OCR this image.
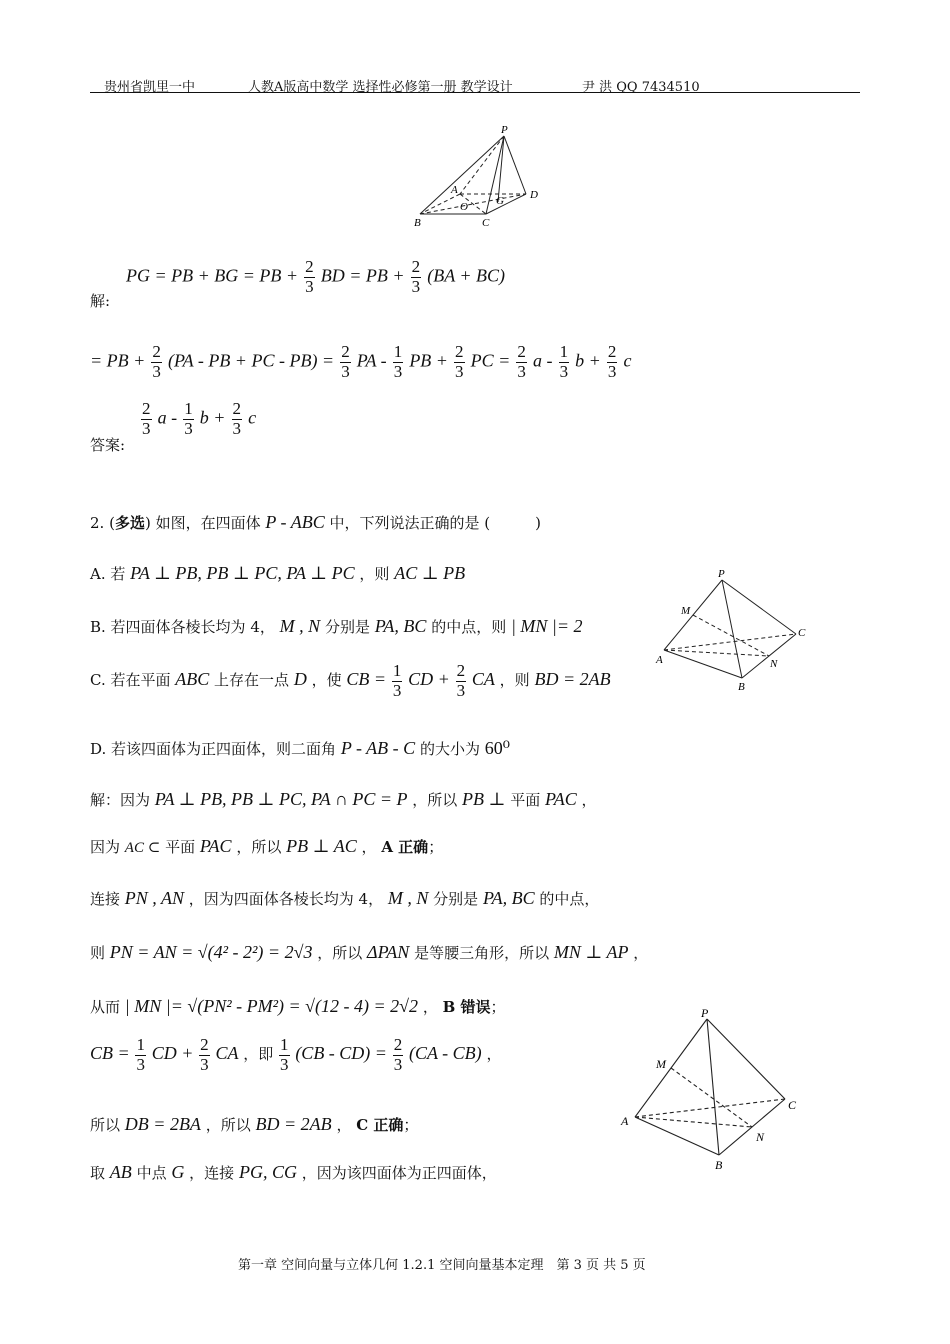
贵州省凯里一中	人教A版高中数学 选择性必修第一册 教学设计	尹 洪 QQ 7434510
P
A	D
O	G
B	C
解:
PG = PB + BG = PB + $\frac{2}{3}$ BD = PB + $\frac{2}{3} (BA + BC)$
= PB + $\frac{2}{3} (PA$ - PB + PC - $PB) = \frac{2}{3}$ PA - $\frac{1}{3}$ PB + $\frac{2}{3}$ PC = $\frac{2}{3}$ a - $\frac{1}{3}$ $b + \frac{2}{3}$ c
答案:
$\frac{2}{3}$ a - $\frac{1}{3}$ $b + \frac{2}{3}$ c
2. (多选) 如图，在四面体 P - ABC 中，下列说法正确的是 (　　　)
A. 若 PA ⊥ PB, PB ⊥ PC, PA ⊥ PC ，则 AC ⊥ PB
B. 若四面体各棱长均为 4， M , N 分别是 PA, BC 的中点，则 | MN |= 2
C. 若在平面 ABC 上存在一点 D ，使 CB = $\frac{1}{3}$ CD + $\frac{2}{3}$ CA ，则 BD = 2AB
D. 若该四面体为正四面体，则二面角 P - AB - C 的大小为 60⁰
P
M
C
A	N
B
解：因为 PA ⊥ PB, PB ⊥ PC, PA ∩ PC = P ，所以 PB ⊥ 平面 PAC ，
因为 AC ⊂ 平面 PAC ，所以 PB ⊥ AC ， A 正确；
连接 PN , AN ，因为四面体各棱长均为 4， M , N 分别是 PA, BC 的中点，
则 PN = AN = √(4² - 2²) = 2√3 ，所以 ΔPAN 是等腰三角形，所以 MN ⊥ AP ，
从而 | MN |= √(PN² - PM²) = √(12 - 4) = 2√2 ， B 错误；
CB = $\frac{1}{3}$ CD + $\frac{2}{3}$ CA ，即 $\frac{1}{3} (CB - CD) = \frac{2}{3} (CA - CB)$ ，
所以 DB = 2BA ，所以 BD = 2AB ， C 正确；
取 AB 中点 G ，连接 PG, CG ，因为该四面体为正四面体，
P
M
C
A
N
B
第一章 空间向量与立体几何 1.2.1 空间向量基本定理　第 3 页 共 5 页
